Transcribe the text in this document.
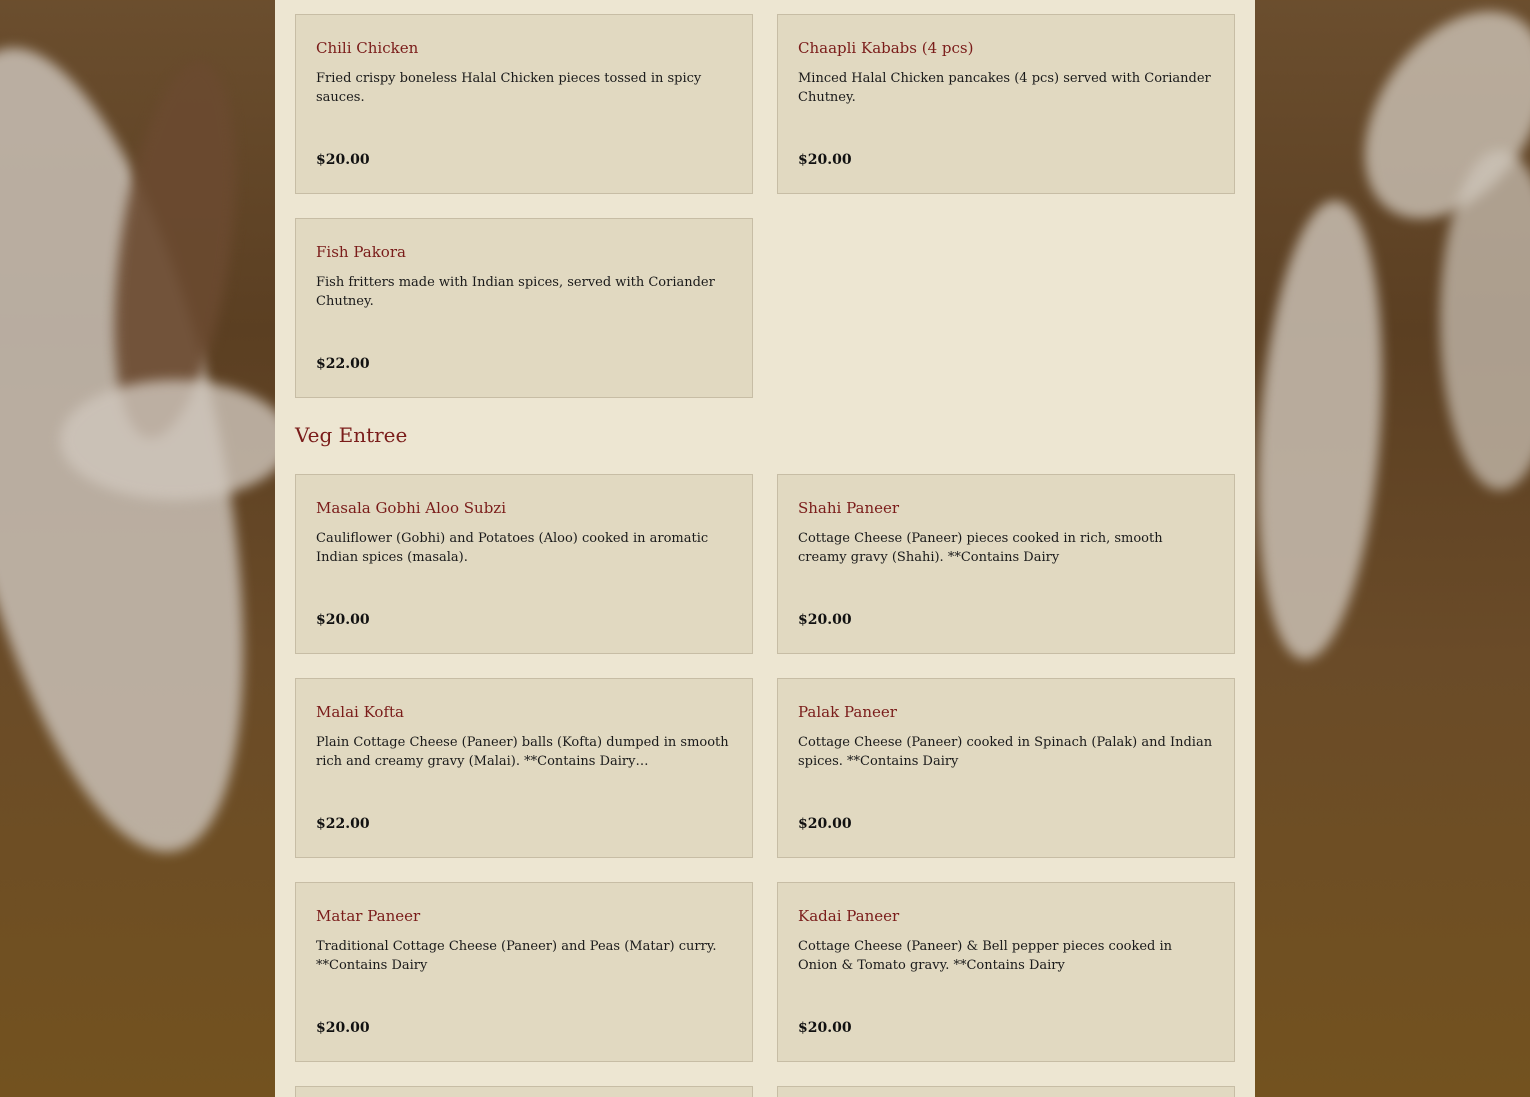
Chili Chicken

Fried crispy boneless Halal Chicken pieces tossed in spicy sauces.

$20.00

Chaapli Kababs (4 pcs)

Minced Halal Chicken pancakes (4 pcs) served with Coriander Chutney.

$20.00

Fish Pakora

Fish fritters made with Indian spices, served with Coriander Chutney.

$22.00
Veg Entree

Masala Gobhi Aloo Subzi

Cauliflower (Gobhi) and Potatoes (Aloo) cooked in aromatic Indian spices (masala).

$20.00

Shahi Paneer

Cottage Cheese (Paneer) pieces cooked in rich, smooth creamy gravy (Shahi). **Contains Dairy

$20.00

Malai Kofta

Plain Cottage Cheese (Paneer) balls (Kofta) dumped in smooth rich and creamy gravy (Malai). **Contains Dairy…

$22.00

Palak Paneer

Cottage Cheese (Paneer) cooked in Spinach (Palak) and Indian spices. **Contains Dairy

$20.00

Matar Paneer

Traditional Cottage Cheese (Paneer) and Peas (Matar) curry. **Contains Dairy

$20.00

Kadai Paneer

Cottage Cheese (Paneer) & Bell pepper pieces cooked in Onion & Tomato gravy. **Contains Dairy

$20.00
